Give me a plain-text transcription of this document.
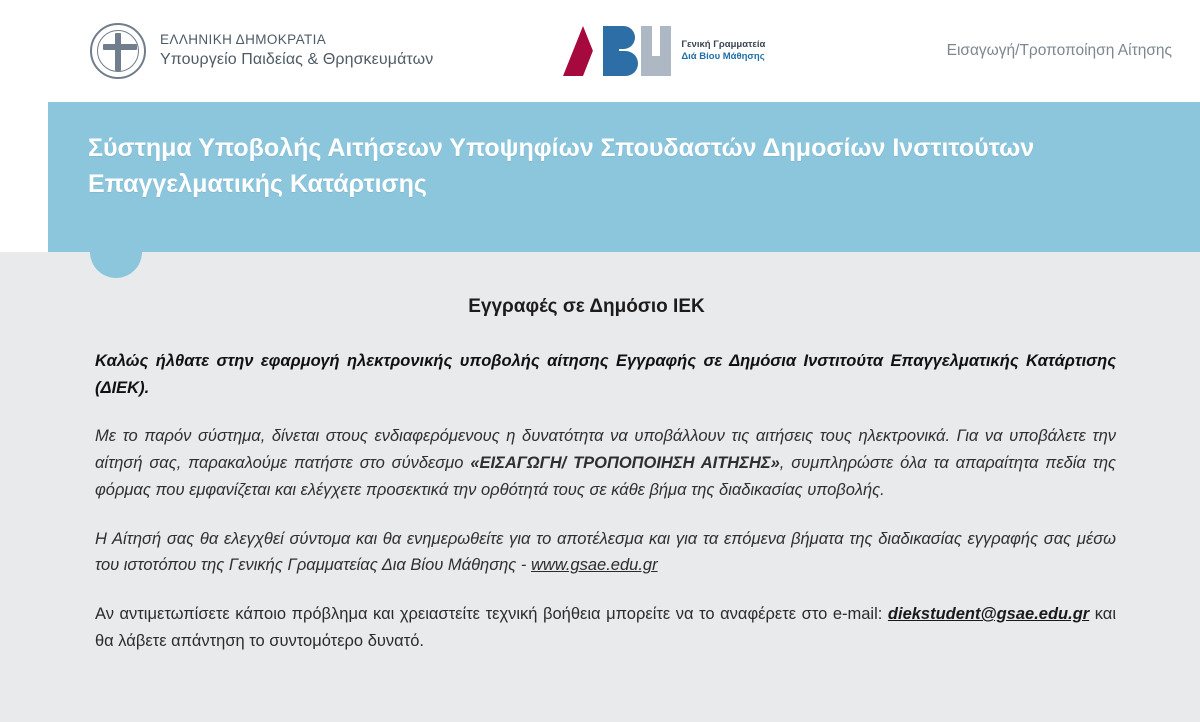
ΕΛΛΗΝΙΚΗ ΔΗΜΟΚΡΑΤΙΑ
Υπουργείο Παιδείας & Θρησκευμάτων
Γενική Γραμματεία
Διά Βίου Μάθησης	Εισαγωγή/Τροποποίηση Αίτησης
Σύστημα Υποβολής Αιτήσεων Υποψηφίων Σπουδαστών Δημοσίων Ινστιτούτων Επαγγελματικής Κατάρτισης
Εγγραφές σε Δημόσιο ΙΕΚ

Καλώς ήλθατε στην εφαρμογή ηλεκτρονικής υποβολής αίτησης Εγγραφής σε Δημόσια Ινστιτούτα Επαγγελματικής Κατάρτισης (ΔΙΕΚ).

Με το παρόν σύστημα, δίνεται στους ενδιαφερόμενους η δυνατότητα να υποβάλλουν τις αιτήσεις τους ηλεκτρονικά. Για να υποβάλετε την αίτησή σας, παρακαλούμε πατήστε στο σύνδεσμο «ΕΙΣΑΓΩΓΗ/ ΤΡΟΠΟΠΟΙΗΣΗ ΑΙΤΗΣΗΣ», συμπληρώστε όλα τα απαραίτητα πεδία της φόρμας που εμφανίζεται και ελέγχετε προσεκτικά την ορθότητά τους σε κάθε βήμα της διαδικασίας υποβολής.

Η Αίτησή σας θα ελεγχθεί σύντομα και θα ενημερωθείτε για το αποτέλεσμα και για τα επόμενα βήματα της διαδικασίας εγγραφής σας μέσω του ιστοτόπου της Γενικής Γραμματείας Δια Βίου Μάθησης - www.gsae.edu.gr

Αν αντιμετωπίσετε κάποιο πρόβλημα και χρειαστείτε τεχνική βοήθεια μπορείτε να το αναφέρετε στο e-mail: diekstudent@gsae.edu.gr και θα λάβετε απάντηση το συντομότερο δυνατό.
